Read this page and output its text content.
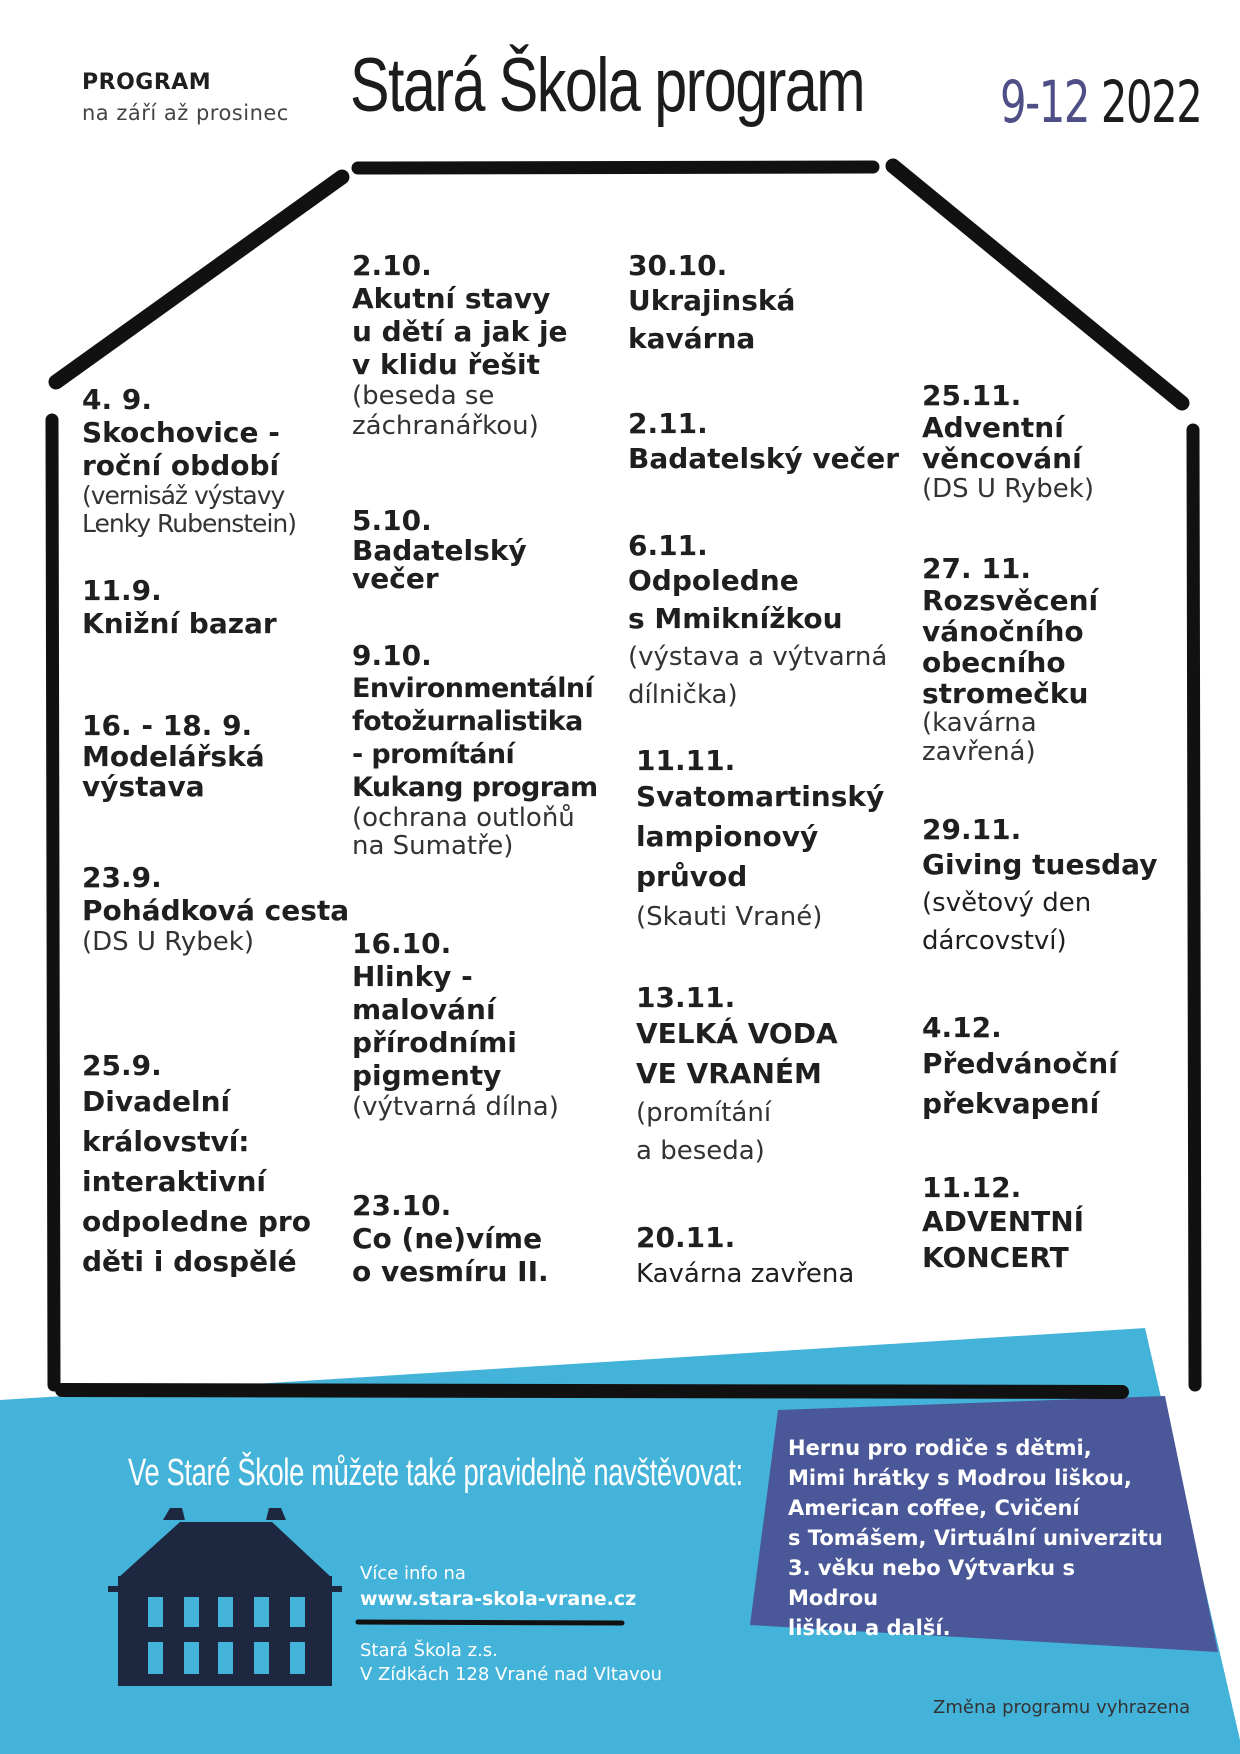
PROGRAM
na září až prosinec Stará Škola program 9-12 2022
4. 9.
Skochovice -
roční období
(vernisáž výstavy
Lenky Rubenstein)
11.9.
Knižní bazar
16. - 18. 9.
Modelářská
výstava
23.9.
Pohádková cesta
(DS U Rybek)
25.9.
Divadelní
království:
interaktivní
odpoledne pro
děti i dospělé
2.10.
Akutní stavy
u dětí a jak je
v klidu řešit
(beseda se
záchranářkou)
5.10.
Badatelský
večer
9.10.
Environmentální
fotožurnalistika
- promítání
Kukang program
(ochrana outloňů
na Sumatře)
16.10.
Hlinky -
malování
přírodními
pigmenty
(výtvarná dílna)
23.10.
Co (ne)víme
o vesmíru II.
30.10.
Ukrajinská
kavárna
2.11.
Badatelský večer
6.11.
Odpoledne
s Mmiknížkou
(výstava a výtvarná
dílnička)
11.11.
Svatomartinský
lampionový
průvod
(Skauti Vrané)
13.11.
VELKÁ VODA
VE VRANÉM
(promítání
a beseda)
20.11.
Kavárna zavřena
25.11.
Adventní
věncování
(DS U Rybek)
27. 11.
Rozsvěcení
vánočního
obecního
stromečku
(kavárna
zavřená)
29.11.
Giving tuesday
(světový den
dárcovství)
4.12.
Předvánoční
překvapení
11.12.
ADVENTNÍ
KONCERT
Ve Staré Škole můžete také pravidelně navštěvovat:
Hernu pro rodiče s dětmi,
Mimi hrátky s Modrou liškou,
American coffee, Cvičení
s Tomášem, Virtuální univerzitu
3. věku nebo Výtvarku s Modrou
liškou a další.
Více info na
www.stara-skola-vrane.cz
Stará Škola z.s.
V Zídkách 128 Vrané nad Vltavou
Změna programu vyhrazena
